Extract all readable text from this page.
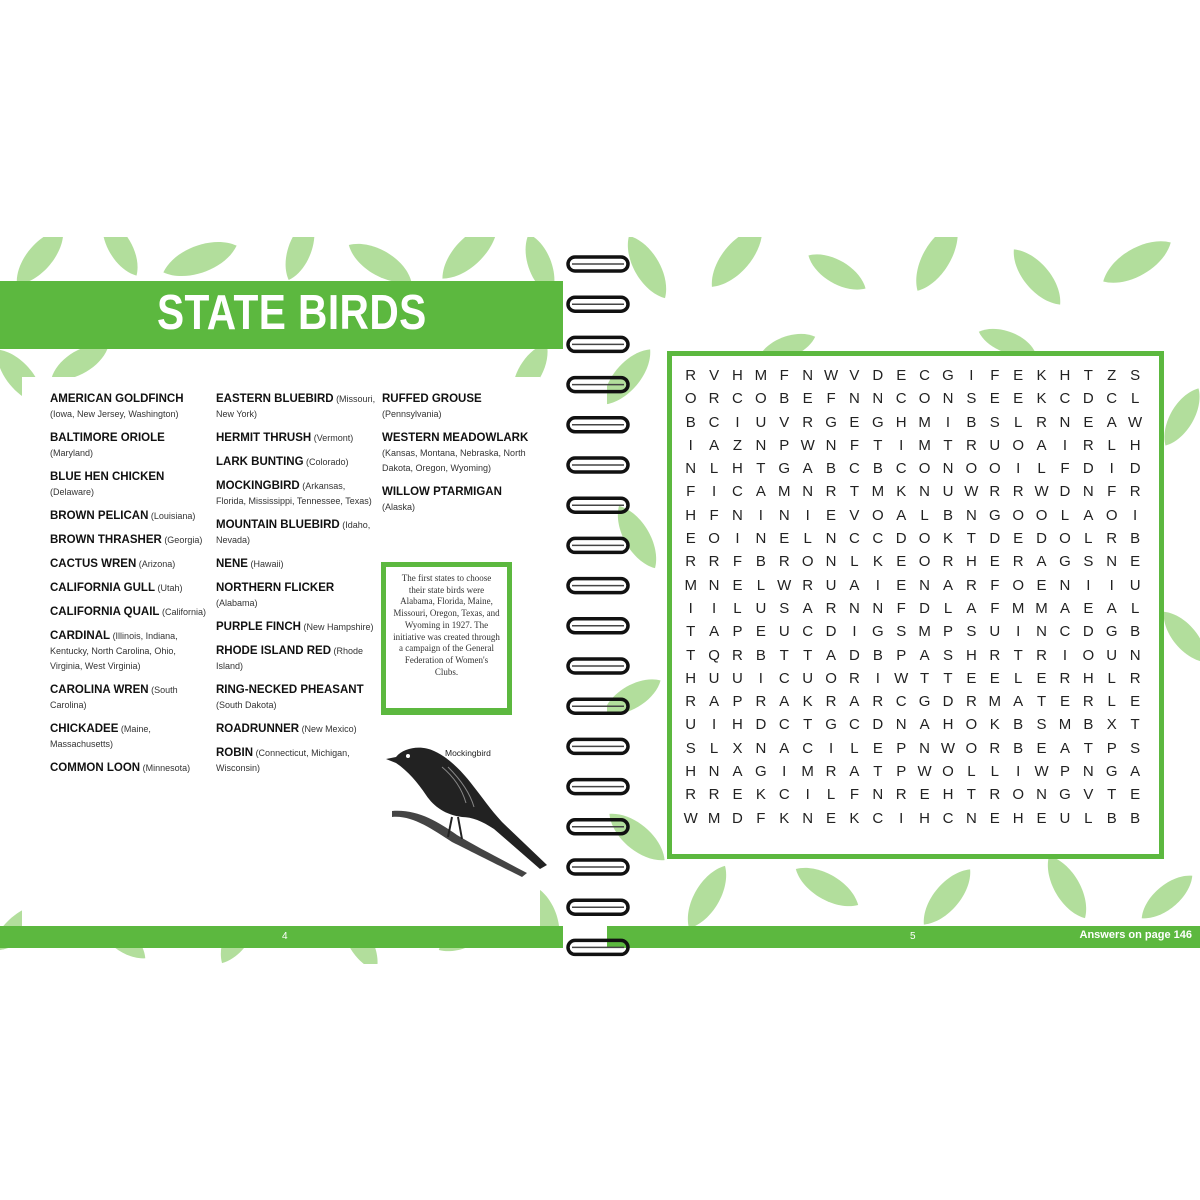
STATE BIRDS
AMERICAN GOLDFINCH (Iowa, New Jersey, Washington)
BALTIMORE ORIOLE (Maryland)
BLUE HEN CHICKEN (Delaware)
BROWN PELICAN (Louisiana)
BROWN THRASHER (Georgia)
CACTUS WREN (Arizona)
CALIFORNIA GULL (Utah)
CALIFORNIA QUAIL (California)
CARDINAL (Illinois, Indiana, Kentucky, North Carolina, Ohio, Virginia, West Virginia)
CAROLINA WREN (South Carolina)
CHICKADEE (Maine, Massachusetts)
COMMON LOON (Minnesota)
EASTERN BLUEBIRD (Missouri, New York)
HERMIT THRUSH (Vermont)
LARK BUNTING (Colorado)
MOCKINGBIRD (Arkansas, Florida, Mississippi, Tennessee, Texas)
MOUNTAIN BLUEBIRD (Idaho, Nevada)
NENE (Hawaii)
NORTHERN FLICKER (Alabama)
PURPLE FINCH (New Hampshire)
RHODE ISLAND RED (Rhode Island)
RING-NECKED PHEASANT (South Dakota)
ROADRUNNER (New Mexico)
ROBIN (Connecticut, Michigan, Wisconsin)
RUFFED GROUSE (Pennsylvania)
WESTERN MEADOWLARK (Kansas, Montana, Nebraska, North Dakota, Oregon, Wyoming)
WILLOW PTARMIGAN (Alaska)
The first states to choose their state birds were Alabama, Florida, Maine, Missouri, Oregon, Texas, and Wyoming in 1927. The initiative was created through a campaign of the General Federation of Women's Clubs.
Mockingbird
4
R V H M F N W V D E C G	I	F E K H T Z S
O R C O B E F N N C O N S E E K C D C L
B C	I	U V R G E G H M	I	B S L R N E A W
I	A Z N P W N F T	I	M T R U O A	I	R L H
N L H T G A B C B C O N O O	I	L F D	I	D
F	I	C A M N R T M K N U W R R W D N F R
H F N	I	N	I	E V O A L B N G O O L A O	I
E O	I	N E L N C C D O K T D E D O L R B
R R F B R O N L K E O R H E R A G S N E
M N E L W R U A	I	E N A R F O E N	I	I	U
I	I	L U S A R N N F D L A F M M A E A L
T A P E U C D	I	G S M P S U	I	N C D G B
T Q R B T T A D B P A S H R T R	I	O U N
H U U	I	C U O R	I W T T E E L E R H L R
R A P R A K R A R C G D R M A T E R L E
U	I	H D C T G C D N A H O K B S M B X T
S L X N A C	I	L E P N W O R B E A T P S
H N A G	I	M R A T P W O L	L	I W P N G A
R R E K C	I	L F N R E H T R O N G V T E
W M D F K N E K C	I	H C N E H E U L B B
5	Answers on page 146
